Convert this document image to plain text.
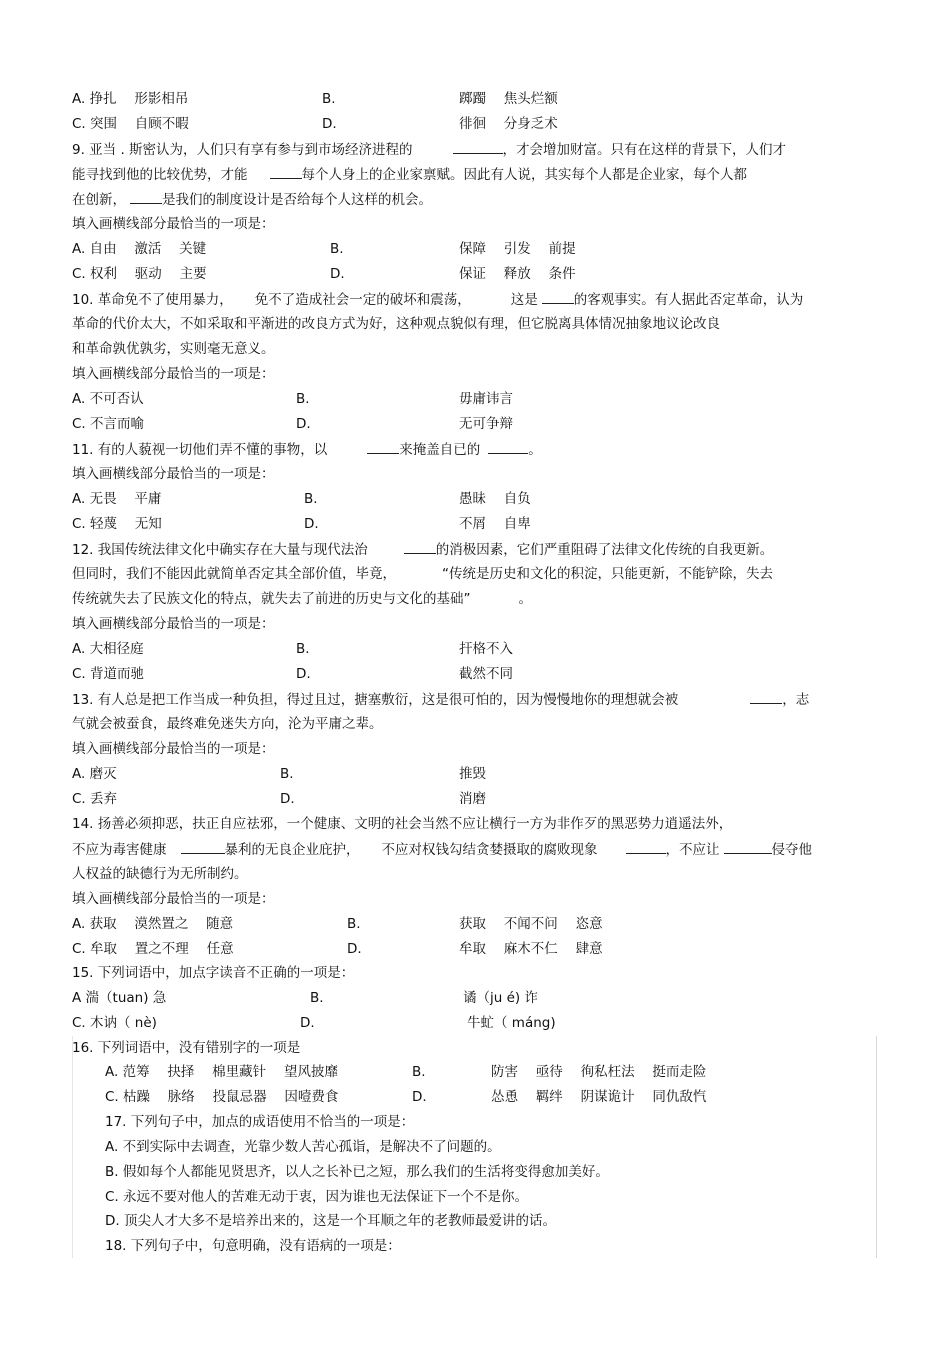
A. 挣扎　 形影相吊	B.	踯躅　 焦头烂额
C. 突围　 自顾不暇	D.	徘徊　 分身乏术
9. 亚当 . 斯密认为，人们只有享有参与到市场经济进程的	，才会增加财富。只有在这样的背景下，人们才
能寻找到他的比较优势，才能	每个人身上的企业家禀赋。因此有人说，其实每个人都是企业家，每个人都
在创新，	是我们的制度设计是否给每个人这样的机会。
填入画横线部分最恰当的一项是：
A. 自由　 激活　 关键	B.	保障　 引发　 前提
C. 权利　 驱动　 主要	D.	保证　 释放　 条件
10. 革命免不了使用暴力， 免不了造成社会一定的破坏和震荡，	这是	的客观事实。有人据此否定革命，认为
革命的代价太大，不如采取和平渐进的改良方式为好，这种观点貌似有理，但它脱离具体情况抽象地议论改良
和革命孰优孰劣，实则毫无意义。
填入画横线部分最恰当的一项是：
A. 不可否认	B.	毋庸讳言
C. 不言而喻	D.	无可争辩
11. 有的人藐视一切他们弄不懂的事物，以	来掩盖自已的	。
填入画横线部分最恰当的一项是：
A. 无畏　 平庸	B.	愚昧　 自负
C. 轻蔑　 无知	D.	不屑　 自卑
12. 我国传统法律文化中确实存在大量与现代法治	的消极因素，它们严重阻碍了法律文化传统的自我更新。
但同时，我们不能因此就简单否定其全部价值，毕竟，	“传统是历史和文化的积淀，只能更新，不能铲除，失去
传统就失去了民族文化的特点，就失去了前进的历史与文化的基础”	。
填入画横线部分最恰当的一项是：
A. 大相径庭	B.	扞格不入
C. 背道而驰	D.	截然不同
13. 有人总是把工作当成一种负担，得过且过，搪塞敷衍，这是很可怕的，因为慢慢地你的理想就会被	，志
气就会被蚕食，最终难免迷失方向，沦为平庸之辈。
填入画横线部分最恰当的一项是：
A. 磨灭	B.	推毁
C. 丢弃	D.	消磨
14. 扬善必须抑恶，扶正自应祛邪，一个健康、文明的社会当然不应让横行一方为非作歹的黑恶势力逍遥法外，
不应为毒害健康	暴利的无良企业庇护， 不应对权钱勾结贪婪摄取的腐败现象	，不应让	侵夺他
人权益的缺德行为无所制约。
填入画横线部分最恰当的一项是：
A. 获取　 漠然置之　 随意	B.	获取　 不闻不问　 恣意
C. 牟取　 置之不理　 任意	D.	牟取　 麻木不仁　 肆意
15. 下列词语中，加点字读音不正确的一项是：
A 湍（tuan) 急	B.	谲（ju é) 诈
C. 木讷（ nè)	D.	牛虻（ máng)
16. 下列词语中，没有错别字的一项是
A. 范筹　 抉择　 棉里藏针　 望风披靡	B.	防害　 亟待　 徇私枉法　 挺而走险
C. 枯躁　 脉络　 投鼠忌器　 因噎费食	D.	怂恿　 羁绊　 阴谋诡计　 同仇敌忾
17. 下列句子中，加点的成语使用不恰当的一项是：
A. 不到实际中去调查，光靠少数人苦心孤诣，是解决不了问题的。
B. 假如每个人都能见贤思齐，以人之长补已之短，那么我们的生活将变得愈加美好。
C. 永远不要对他人的苦难无动于衷，因为谁也无法保证下一个不是你。
D. 顶尖人才大多不是培养出来的，这是一个耳顺之年的老教师最爱讲的话。
18. 下列句子中，句意明确，没有语病的一项是：
